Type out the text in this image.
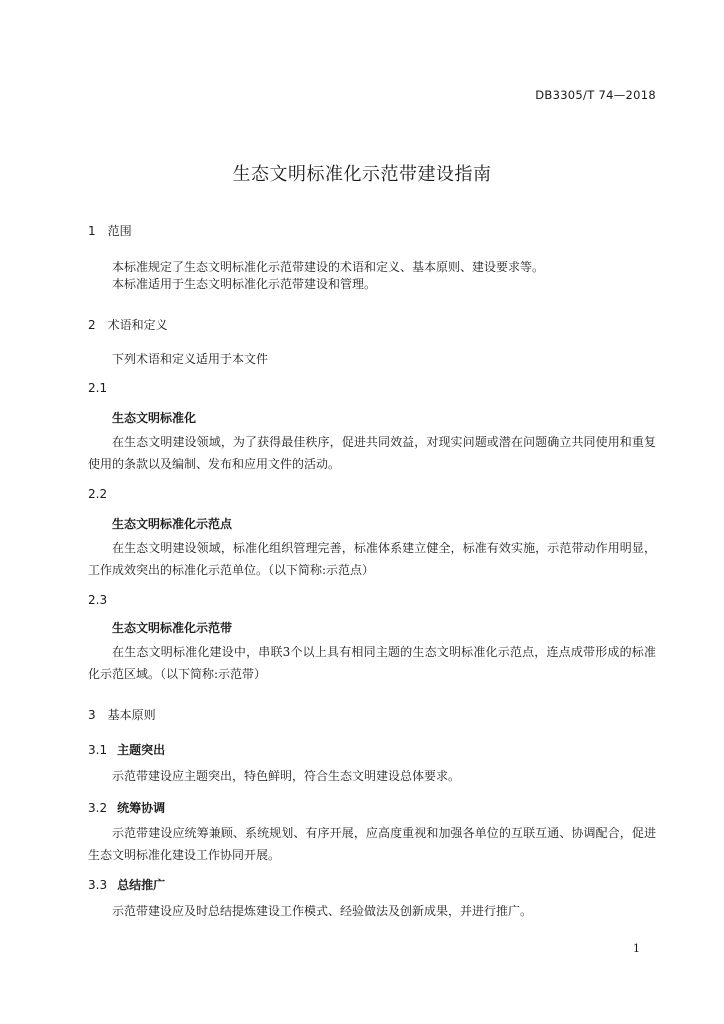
DB3305/T 74—2018
生态文明标准化示范带建设指南
1 范围
本标准规定了生态文明标准化示范带建设的术语和定义、基本原则、建设要求等。
本标准适用于生态文明标准化示范带建设和管理。
2 术语和定义
下列术语和定义适用于本文件
2.1
生态文明标准化
在生态文明建设领域，为了获得最佳秩序，促进共同效益，对现实问题或潜在问题确立共同使用和重复使用的条款以及编制、发布和应用文件的活动。
2.2
生态文明标准化示范点
在生态文明建设领域，标准化组织管理完善，标准体系建立健全，标准有效实施，示范带动作用明显，工作成效突出的标准化示范单位。（以下简称:示范点）
2.3
生态文明标准化示范带
在生态文明标准化建设中，串联3个以上具有相同主题的生态文明标准化示范点，连点成带形成的标准化示范区域。（以下简称:示范带）
3 基本原则
3.1 主题突出
示范带建设应主题突出，特色鲜明，符合生态文明建设总体要求。
3.2 统筹协调
示范带建设应统筹兼顾、系统规划、有序开展，应高度重视和加强各单位的互联互通、协调配合，促进生态文明标准化建设工作协同开展。
3.3 总结推广
示范带建设应及时总结提炼建设工作模式、经验做法及创新成果，并进行推广。
1
